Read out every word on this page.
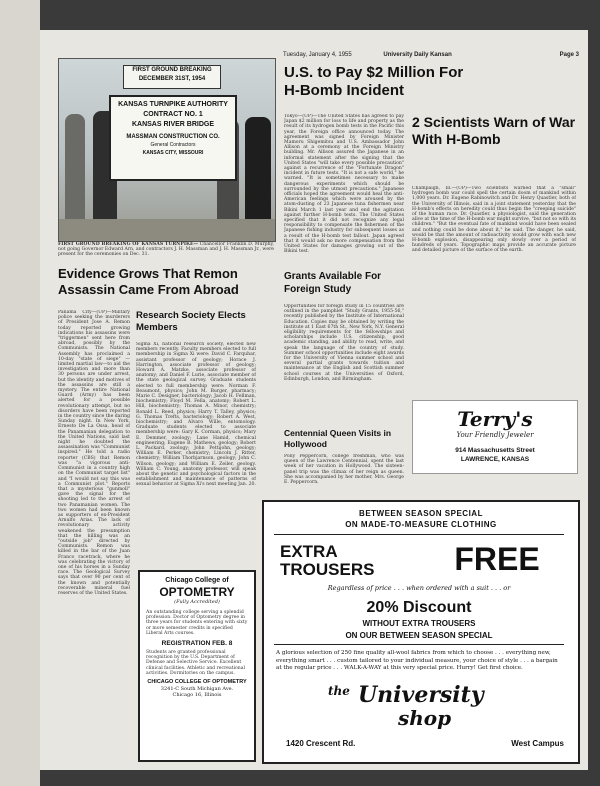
Tuesday, January 4, 1955	University Daily Kansan	Page 3
FIRST GROUND BREAKING
DECEMBER 31ST, 1954
KANSAS TURNPIKE AUTHORITY
CONTRACT NO. 1
KANSAS RIVER BRIDGE
MASSMAN CONSTRUCTION CO.
General Contractors
KANSAS CITY, MISSOURI
FIRST GROUND BREAKING OF KANSAS TURNPIKE— Chancellor Franklin D. Murphy, not going Governor Edward Arn, and contractors J. H. Massman and J. H. Massman Jr., were present for the ceremonies on Dec. 31.
U.S. to Pay $2 Million For H-Bomb Incident
Tokyo—(UP)—The United States has agreed to pay Japan $2 million for loss to life and property as the result of its hydrogen bomb tests in the Pacific this year, the Foreign office announced today. The agreement was signed by Foreign Minister Mamoru Shigemitsu and U.S. Ambassador John Allison at a ceremony at the Foreign Ministry building. Mr. Allison assured the Japanese in an informal statement after the signing that the United States "will take every possible precaution" against a recurrence of the "Fortunate Dragon" incident in future tests. "It is not a safe world," he warned. "It is sometimes necessary to make dangerous experiments which should be surrounded by the utmost precautions." Japanese officials hoped the agreement would heal the anti-American feelings which were aroused by the atom-dusting of 23 Japanese tuna fishermen near Bikini March 1 last year and end the agitation against further H-bomb tests. The United States specified that it did not recognize any legal responsibility to compensate the fishermen of the Japanese fishing industry for subsequent losses as a result of the H-bomb test fallout. Japan agreed that it would ask no more compensation from the United States for damages growing out of the Bikini test.
2 Scientists Warn of War With H-Bomb
Champaign, Ill.—(UP)—Two scientists warned that a "small" hydrogen bomb war could spell the certain doom of mankind within 1,000 years. Dr. Eugene Rabinowitch and Dr. Henry Quastler, both of the University of Illinois, said in a joint statement yesterday that the H-bomb's effects on heredity could thus begin the "creeping suicide" of the human race. Dr. Quastler, a physiologist, said the generation alive at the time of the H-bomb war might survive, "but not so with its children." "But the eventual fate of mankind would have been sealed and nothing could be done about it," he said. The danger, he said, would be that the amount of radioactivity would grow with each new H-bomb explosion, disappearing only slowly over a period of hundreds of years. Topographic maps provide an accurate picture and detailed picture of the surface of the earth.
Evidence Grows That Remon Assassin Came From Abroad
Panama City—(UP)—Military police seeking the murderers of President Jose A. Remon today reported growing indications his assassins were "triggermen" sent here from abroad, possibly by the Communists. The National Assembly has proclaimed a 10-day "state of siege" — limited martial law—to aid the investigation and more than 30 persons are under arrest, but the identity and motives of the assassins are still a mystery. The entire National Guard (Army) has been alerted for a possible revolutionary attempt, but no disorders have been reported in the country since the daring Sunday night. In New York, Ernesto De La Ossa, head of the Panamanian delegation to the United Nations, said last night he doubted the assassination was "Communist inspired." He told a radio reporter (CBS) that Remon was "a vigorous anti-Communist in a country high on the Communist target list" and "I would not say this was a Communist plot." Reports that a mysterious "gunmoll" gave the signal for the shooting led to the arrest of two Panamanian women. The two women had been known as supporters of ex-President Arnulfo Arias. The lack of revolutionary activity weakened the presumption that the killing was an "outside job" directed by Communists. Remon was killed in the bar of the Juan Franco racetrack, where he was celebrating the victory of one of his horses in a Sunday race. The Geological Survey says that over 90 per cent of the known and potentially recoverable mineral fuel reserves of the United States.
Research Society Elects Members
Sigma Xi, national research society, elected new members recently. Faculty members elected to full membership in Sigma Xi were: David C. Farquhar, assistant professor of geology; Horace J. Harrington, associate professor of geology; Howard A. Matzke, associate professor of anatomy; and Daniel F. Lurie, associate member of the state geological survey. Graduate students elected to full membership were: Norman F. Beaumont, physics; John M. Burger, pharmacy; Marie C. Designer, bacteriology; Jacob H. Fellman, biochemistry; Floyd M. Fella, anatomy; Robert L. Hill, biochemistry; Thomas A. Minor, chemistry; Ronald L. Reed, physics; Harry T. Talley, physics; G. Thomas Trefts, bacteriology; Robert A. West, biochemistry; and Alvaro Wille, entomology. Graduate students elected to associate membership were: Gary K. Corman, physics; Mary E. Demmer, zoology; Lane Hamid, chemical engineering; Eugene B. Mathews, geology; Robert L. Packard, zoology; John Pettijohn, geology; William E. Perker, chemistry; Lincoln J. Ritter, chemistry; William Thorbjarnson, geology; John C. Wilson, geology; and William E. Zeiler, geology. William C. Young, anatomy professor, will speak about the genetic and psychological factors in the establishment and maintenance of patterns of sexual behavior at Sigma Xi's next meeting Jan. 20.
Grants Available For Foreign Study
Opportunities for foreign study in 15 countries are outlined in the pamphlet "Study Grants, 1955-56," recently published by the Institute of International Education. Copies may be obtained by writing the institute at 1 East 67th St., New York, N.Y. General eligibility requirements for the fellowships and scholarships include U.S. citizenship, good academic standing, and ability to read, write, and speak the language of the country of study. Summer school opportunities include eight awards for the University of Vienna summer school and several partial grants towards tuition and maintenance at the English and Scottish summer school courses at the Universities of Oxford, Edinburgh, London, and Birmingham.
Centennial Queen Visits in Hollywood
Polly Peppercorn, college freshman, who was queen of the Lawrence Centennial, spent the last week of her vacation in Hollywood. The sixteen-panel trip was the climax of her reign as queen. She was accompanied by her mother, Mrs. George E. Peppercorn.
Terry's
Your Friendly Jeweler
914 Massachusetts Street
LAWRENCE, KANSAS
Chicago College of
OPTOMETRY
(Fully Accredited)
An outstanding college serving a splendid profession. Doctor of Optometry degree in three years for students entering with sixty or more semester credits in specified Liberal Arts courses.
REGISTRATION FEB. 8
Students are granted professional recognition by the U.S. Department of Defense and Selective Service. Excellent clinical facilities. Athletic and recreational activities. Dormitories on the campus.
CHICAGO COLLEGE OF OPTOMETRY
3241-C South Michigan Ave.
Chicago 16, Illinois
BETWEEN SEASON SPECIAL
ON MADE-TO-MEASURE CLOTHING
EXTRA
TROUSERS	FREE
Regardless of price . . . when ordered with a suit . . . or
20% Discount
WITHOUT EXTRA TROUSERS
ON OUR BETWEEN SEASON SPECIAL
A glorious selection of 250 fine quality all-wool fabrics from which to choose . . . everything new, everything smart . . . custom tailored to your individual measure, your choice of style . . . a bargain at the regular price . . . WALK-A-WAY at this very special price. Hurry! Get first choice.
the University
shop
1420 Crescent Rd.	West Campus
